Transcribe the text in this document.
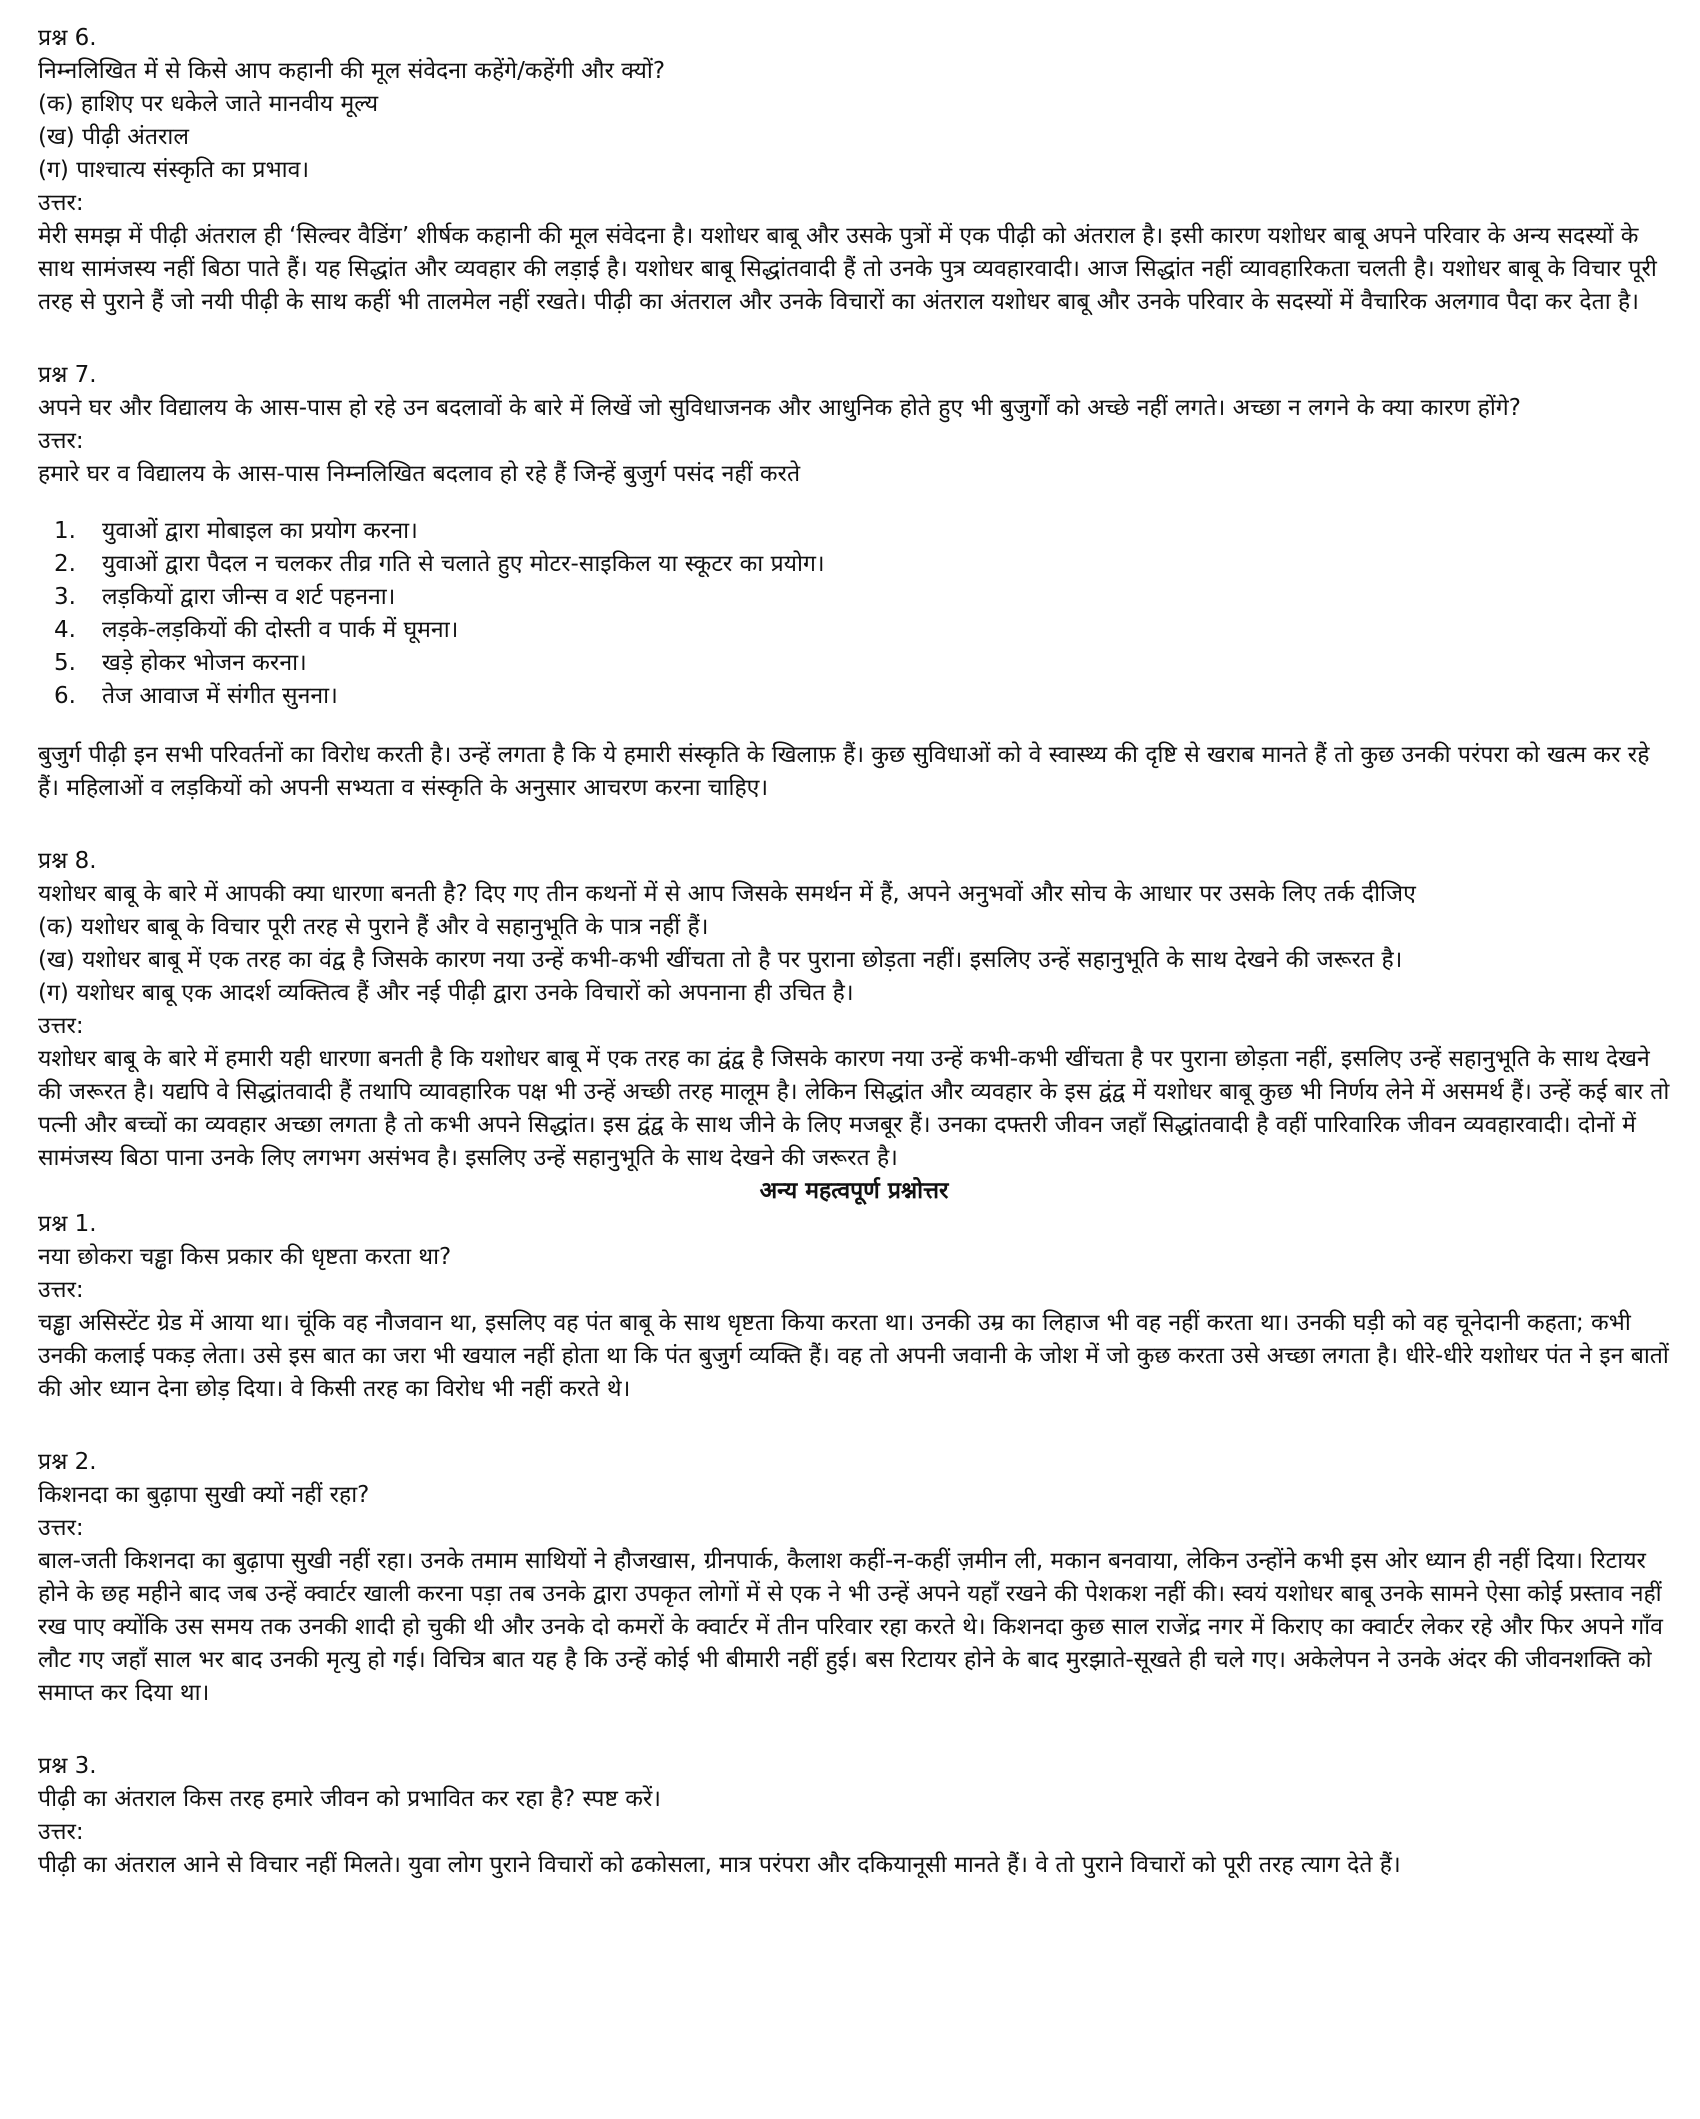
प्रश्न 6.

निम्नलिखित में से किसे आप कहानी की मूल संवेदना कहेंगे/कहेंगी और क्यों?

(क) हाशिए पर धकेले जाते मानवीय मूल्य

(ख) पीढ़ी अंतराल

(ग) पाश्चात्य संस्कृति का प्रभाव।

उत्तर:

मेरी समझ में पीढ़ी अंतराल ही ‘सिल्वर वैडिंग’ शीर्षक कहानी की मूल संवेदना है। यशोधर बाबू और उसके पुत्रों में एक पीढ़ी को अंतराल है। इसी कारण यशोधर बाबू अपने परिवार के अन्य सदस्यों के साथ सामंजस्य नहीं बिठा पाते हैं। यह सिद्धांत और व्यवहार की लड़ाई है। यशोधर बाबू सिद्धांतवादी हैं तो उनके पुत्र व्यवहारवादी। आज सिद्धांत नहीं व्यावहारिकता चलती है। यशोधर बाबू के विचार पूरी तरह से पुराने हैं जो नयी पीढ़ी के साथ कहीं भी तालमेल नहीं रखते। पीढ़ी का अंतराल और उनके विचारों का अंतराल यशोधर बाबू और उनके परिवार के सदस्यों में वैचारिक अलगाव पैदा कर देता है।

प्रश्न 7.

अपने घर और विद्यालय के आस-पास हो रहे उन बदलावों के बारे में लिखें जो सुविधाजनक और आधुनिक होते हुए भी बुजुर्गों को अच्छे नहीं लगते। अच्छा न लगने के क्या कारण होंगे?

उत्तर:

हमारे घर व विद्यालय के आस-पास निम्नलिखित बदलाव हो रहे हैं जिन्हें बुजुर्ग पसंद नहीं करते

1. युवाओं द्वारा मोबाइल का प्रयोग करना।
2. युवाओं द्वारा पैदल न चलकर तीव्र गति से चलाते हुए मोटर-साइकिल या स्कूटर का प्रयोग।
3. लड़कियों द्वारा जीन्स व शर्ट पहनना।
4. लड़के-लड़कियों की दोस्ती व पार्क में घूमना।
5. खड़े होकर भोजन करना।
6. तेज आवाज में संगीत सुनना।

बुजुर्ग पीढ़ी इन सभी परिवर्तनों का विरोध करती है। उन्हें लगता है कि ये हमारी संस्कृति के खिलाफ़ हैं। कुछ सुविधाओं को वे स्वास्थ्य की दृष्टि से खराब मानते हैं तो कुछ उनकी परंपरा को खत्म कर रहे हैं। महिलाओं व लड़कियों को अपनी सभ्यता व संस्कृति के अनुसार आचरण करना चाहिए।

प्रश्न 8.

यशोधर बाबू के बारे में आपकी क्या धारणा बनती है? दिए गए तीन कथनों में से आप जिसके समर्थन में हैं, अपने अनुभवों और सोच के आधार पर उसके लिए तर्क दीजिए

(क) यशोधर बाबू के विचार पूरी तरह से पुराने हैं और वे सहानुभूति के पात्र नहीं हैं।

(ख) यशोधर बाबू में एक तरह का वंद्व है जिसके कारण नया उन्हें कभी-कभी खींचता तो है पर पुराना छोड़ता नहीं। इसलिए उन्हें सहानुभूति के साथ देखने की जरूरत है।

(ग) यशोधर बाबू एक आदर्श व्यक्तित्व हैं और नई पीढ़ी द्वारा उनके विचारों को अपनाना ही उचित है।

उत्तर:

यशोधर बाबू के बारे में हमारी यही धारणा बनती है कि यशोधर बाबू में एक तरह का द्वंद्व है जिसके कारण नया उन्हें कभी-कभी खींचता है पर पुराना छोड़ता नहीं, इसलिए उन्हें सहानुभूति के साथ देखने की जरूरत है। यद्यपि वे सिद्धांतवादी हैं तथापि व्यावहारिक पक्ष भी उन्हें अच्छी तरह मालूम है। लेकिन सिद्धांत और व्यवहार के इस द्वंद्व में यशोधर बाबू कुछ भी निर्णय लेने में असमर्थ हैं। उन्हें कई बार तो पत्नी और बच्चों का व्यवहार अच्छा लगता है तो कभी अपने सिद्धांत। इस द्वंद्व के साथ जीने के लिए मजबूर हैं। उनका दफ्तरी जीवन जहाँ सिद्धांतवादी है वहीं पारिवारिक जीवन व्यवहारवादी। दोनों में सामंजस्य बिठा पाना उनके लिए लगभग असंभव है। इसलिए उन्हें सहानुभूति के साथ देखने की जरूरत है।

अन्य महत्वपूर्ण प्रश्नोत्तर

प्रश्न 1.

नया छोकरा चड्ढा किस प्रकार की धृष्टता करता था?

उत्तर:

चड्ढा असिस्टेंट ग्रेड में आया था। चूंकि वह नौजवान था, इसलिए वह पंत बाबू के साथ धृष्टता किया करता था। उनकी उम्र का लिहाज भी वह नहीं करता था। उनकी घड़ी को वह चूनेदानी कहता; कभी उनकी कलाई पकड़ लेता। उसे इस बात का जरा भी खयाल नहीं होता था कि पंत बुजुर्ग व्यक्ति हैं। वह तो अपनी जवानी के जोश में जो कुछ करता उसे अच्छा लगता है। धीरे-धीरे यशोधर पंत ने इन बातों की ओर ध्यान देना छोड़ दिया। वे किसी तरह का विरोध भी नहीं करते थे।

प्रश्न 2.

किशनदा का बुढ़ापा सुखी क्यों नहीं रहा?

उत्तर:

बाल-जती किशनदा का बुढ़ापा सुखी नहीं रहा। उनके तमाम साथियों ने हौजखास, ग्रीनपार्क, कैलाश कहीं-न-कहीं ज़मीन ली, मकान बनवाया, लेकिन उन्होंने कभी इस ओर ध्यान ही नहीं दिया। रिटायर होने के छह महीने बाद जब उन्हें क्वार्टर खाली करना पड़ा तब उनके द्वारा उपकृत लोगों में से एक ने भी उन्हें अपने यहाँ रखने की पेशकश नहीं की। स्वयं यशोधर बाबू उनके सामने ऐसा कोई प्रस्ताव नहीं रख पाए क्योंकि उस समय तक उनकी शादी हो चुकी थी और उनके दो कमरों के क्वार्टर में तीन परिवार रहा करते थे। किशनदा कुछ साल राजेंद्र नगर में किराए का क्वार्टर लेकर रहे और फिर अपने गाँव लौट गए जहाँ साल भर बाद उनकी मृत्यु हो गई। विचित्र बात यह है कि उन्हें कोई भी बीमारी नहीं हुई। बस रिटायर होने के बाद मुरझाते-सूखते ही चले गए। अकेलेपन ने उनके अंदर की जीवनशक्ति को समाप्त कर दिया था।

प्रश्न 3.

पीढ़ी का अंतराल किस तरह हमारे जीवन को प्रभावित कर रहा है? स्पष्ट करें।

उत्तर:

पीढ़ी का अंतराल आने से विचार नहीं मिलते। युवा लोग पुराने विचारों को ढकोसला, मात्र परंपरा और दकियानूसी मानते हैं। वे तो पुराने विचारों को पूरी तरह त्याग देते हैं।
